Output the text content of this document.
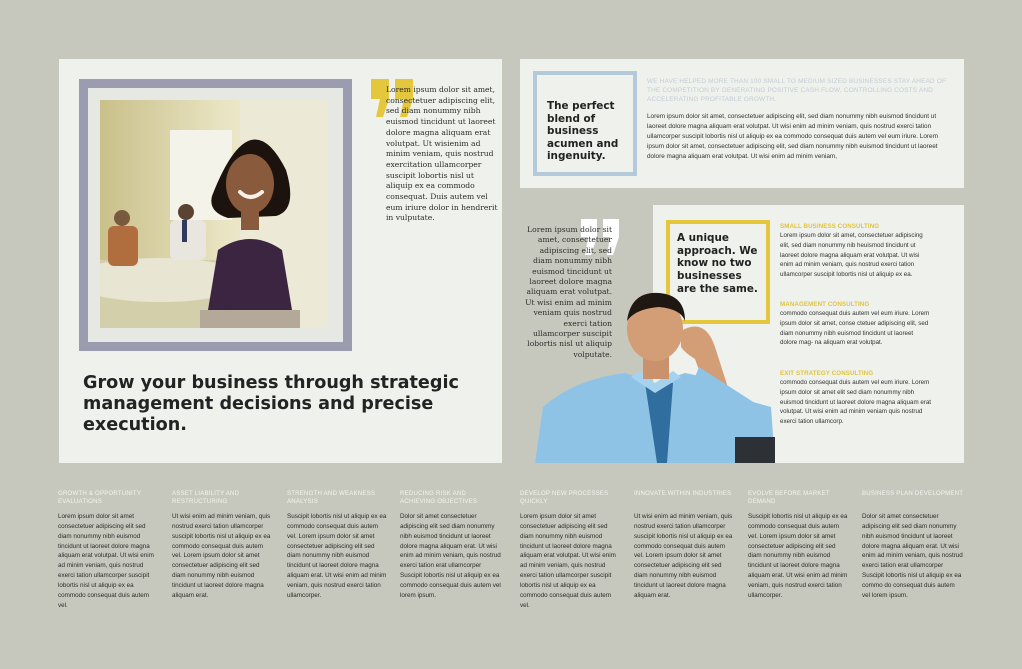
Lorem ipsum dolor sit amet, consectetuer adipiscing elit, sed diam nonummy nibh euismod tincidunt ut laoreet dolore magna aliquam erat volutpat. Ut wisienim ad minim veniam, quis nostrud exercitation ullamcorper suscipit lobortis nisl ut aliquip ex ea commodo consequat. Duis autem vel eum iriure dolor in hendrerit in vulputate.
Grow your business through strategic management decisions and precise execution.
The perfect blend of business acumen and ingenuity.
WE HAVE HELPED MORE THAN 100 SMALL TO MEDIUM SIZED BUSINESSES STAY AHEAD OF THE COMPETITION BY GENERATING POSITIVE CASH FLOW, CONTROLLING COSTS AND ACCELERATING PROFITABLE GROWTH.
Lorem ipsum dolor sit amet, consectetuer adipiscing elit, sed diam nonummy nibh euismod tincidunt ut laoreet dolore magna aliquam erat volutpat. Ut wisi enim ad minim veniam, quis nostrud exerci tation ullamcorper suscipit lobortis nisl ut aliquip ex ea commodo consequat duis autem vel eum iriure. Lorem ipsum dolor sit amet, consectetuer adipiscing elit, sed diam nonummy nibh euismod tincidunt ut laoreet dolore magna aliquam erat volutpat. Ut wisi enim ad minim veniam,
Lorem ipsum dolor sit amet, consectetuer adipiscing elit, sed diam nonummy nibh euismod tincidunt ut laoreet dolore magna aliquam erat volutpat. Ut wisi enim ad minim veniam quis nostrud exerci tation ullamcorper suscipit lobortis nisl ut aliquip volputate.
A unique approach. We know no two businesses are the same.
SMALL BUSINESS CONSULTING
Lorem ipsum dolor sit amet, consectetuer adipiscing elit, sed diam nonummy nib heuismod tincidunt ut laoreet dolore magna aliquam erat volutpat. Ut wisi enim ad minim veniam, quis nostrud exerci tation ullamcorper suscipit lobortis nisl ut aliquip ex ea.
MANAGEMENT CONSULTING
commodo consequat duis autem vel eum iriure. Lorem ipsum dolor sit amet, conse ctetuer adipiscing elit, sed diam nonummy nibh euismod tincidunt ut laoreet dolore mag- na aliquam erat volutpat.
EXIT STRATEGY CONSULTING
commodo consequat duis autem vel eum iriure. Lorem ipsum dolor sit amet elit sed diam nonummy nibh euismod tincidunt ut laoreet dolore magna aliquam erat volutpat. Ut wisi enim ad minim veniam quis nostrud exerci tation ullamcorp.
GROWTH & OPPORTUNITY EVALUATIONS
Lorem ipsum dolor sit amet consectetuer adipiscing elit sed diam nonummy nibh euismod tincidunt ut laoreet dolore magna aliquam erat volutpat. Ut wisi enim ad minim veniam, quis nostrud exerci tation ullamcorper suscipit lobortis nisl ut aliquip ex ea commodo consequat duis autem vel.
ASSET LIABILITY AND RESTRUCTURING
Ut wisi enim ad minim veniam, quis nostrud exerci tation ullamcorper suscipit lobortis nisl ut aliquip ex ea commodo consequat duis autem vel. Lorem ipsum dolor sit amet consectetuer adipiscing elit sed diam nonummy nibh euismod tincidunt ut laoreet dolore magna aliquam erat.
STRENGTH AND WEAKNESS ANALYSIS
Suscipit lobortis nisl ut aliquip ex ea commodo consequat duis autem vel. Lorem ipsum dolor sit amet consectetuer adipiscing elit sed diam nonummy nibh euismod tincidunt ut laoreet dolore magna aliquam erat. Ut wisi enim ad minim veniam, quis nostrud exerci tation ullamcorper.
REDUCING RISK AND ACHIEVING OBJECTIVES
Dolor sit amet consectetuer adipiscing elit sed diam nonummy nibh euismod tincidunt ut laoreet dolore magna aliquam erat. Ut wisi enim ad minim veniam, quis nostrud exerci tation erat ullamcorper Suscipit lobortis nisl ut aliquip ex ea commodo consequat duis autem vel lorem ipsum.
DEVELOP NEW PROCESSES QUICKLY
Lorem ipsum dolor sit amet consectetuer adipiscing elit sed diam nonummy nibh euismod tincidunt ut laoreet dolore magna aliquam erat volutpat. Ut wisi enim ad minim veniam, quis nostrud exerci tation ullamcorper suscipit lobortis nisl ut aliquip ex ea commodo consequat duis autem vel.
INNOVATE WITHIN INDUSTRIES
Ut wisi enim ad minim veniam, quis nostrud exerci tation ullamcorper suscipit lobortis nisl ut aliquip ex ea commodo consequat duis autem vel. Lorem ipsum dolor sit amet consectetuer adipiscing elit sed diam nonummy nibh euismod tincidunt ut laoreet dolore magna aliquam erat.
EVOLVE BEFORE MARKET DEMAND
Suscipit lobortis nisl ut aliquip ex ea commodo consequat duis autem vel. Lorem ipsum dolor sit amet consectetuer adipiscing elit sed diam nonummy nibh euismod tincidunt ut laoreet dolore magna aliquam erat. Ut wisi enim ad minim veniam, quis nostrud exerci tation ullamcorper.
BUSINESS PLAN DEVELOPMENT
Dolor sit amet consectetuer adipiscing elit sed diam nonummy nibh euismod tincidunt ut laoreet dolore magna aliquam erat. Ut wisi enim ad minim veniam, quis nostrud exerci tation erat ullamcorper Suscipit lobortis nisl ut aliquip ex ea commo do consequat duis autem vel lorem ipsum.
